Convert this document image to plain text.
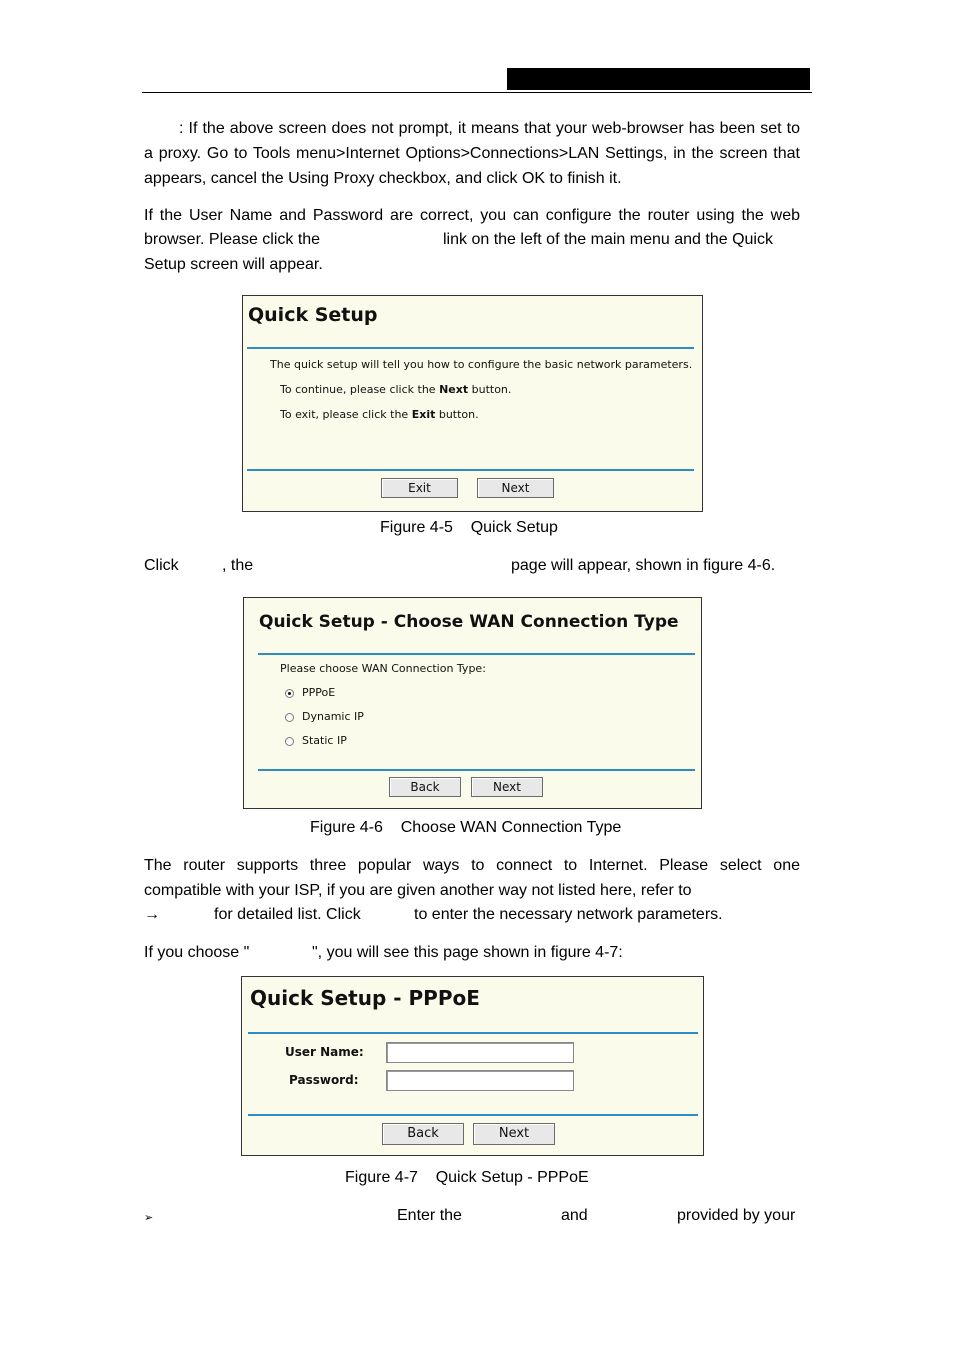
: If the above screen does not prompt, it means that your web-browser has been set to a proxy. Go to Tools menu>Internet Options>Connections>LAN Settings, in the screen that appears, cancel the Using Proxy checkbox, and click OK to finish it.
If the User Name and Password are correct, you can configure the router using the web
browser. Please click the	link on the left of the main menu and the Quick
Setup screen will appear.
Quick Setup
The quick setup will tell you how to configure the basic network parameters.
To continue, please click the Next button.
To exit, please click the Exit button.
Exit	Next
Figure 4-5    Quick Setup
Click	, the	page will appear, shown in figure 4-6.
Quick Setup - Choose WAN Connection Type
Please choose WAN Connection Type:
PPPoE
Dynamic IP
Static IP
Back	Next
Figure 4-6    Choose WAN Connection Type
The router supports three popular ways to connect to Internet. Please select one
compatible with your ISP, if you are given another way not listed here, refer to
→	for detailed list. Click	to enter the necessary network parameters.
If you choose "	", you will see this page shown in figure 4-7:
Quick Setup - PPPoE
User Name:
Password:
Back	Next
Figure 4-7    Quick Setup - PPPoE
➢	Enter the	and	provided by your
